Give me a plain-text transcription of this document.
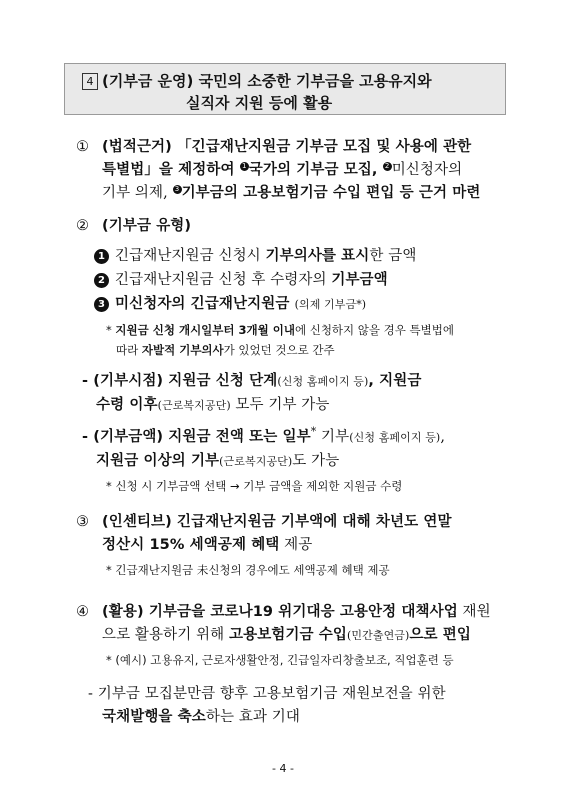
4 (기부금 운영) 국민의 소중한 기부금을 고용유지와
실직자 지원 등에 활용
① (법적근거) 「긴급재난지원금 기부금 모집 및 사용에 관한
특별법」을 제정하여 1 국가의 기부금 모집, 2 미신청자의
기부 의제, 3 기부금의 고용보험기금 수입 편입 등 근거 마련
② (기부금 유형)
1 긴급재난지원금 신청시 기부의사를 표시한 금액
2 긴급재난지원금 신청 후 수령자의 기부금액
3 미신청자의 긴급재난지원금 (의제 기부금*)
* 지원금 신청 개시일부터 3개월 이내에 신청하지 않을 경우 특별법에
따라 자발적 기부의사가 있었던 것으로 간주
- (기부시점) 지원금 신청 단계(신청 홈페이지 등), 지원금
수령 이후(근로복지공단) 모두 기부 가능
- (기부금액) 지원금 전액 또는 일부* 기부(신청 홈페이지 등),
지원금 이상의 기부(근로복지공단)도 가능
* 신청 시 기부금액 선택 → 기부 금액을 제외한 지원금 수령
③ (인센티브) 긴급재난지원금 기부액에 대해 차년도 연말
정산시 15% 세액공제 혜택 제공
* 긴급재난지원금 未신청의 경우에도 세액공제 혜택 제공
④ (활용) 기부금을 코로나19 위기대응 고용안정 대책사업 재원
으로 활용하기 위해 고용보험기금 수입(민간출연금)으로 편입
* (예시) 고용유지, 근로자생활안정, 긴급일자리창출보조, 직업훈련 등
- 기부금 모집분만큼 향후 고용보험기금 재원보전을 위한
국채발행을 축소하는 효과 기대
- 4 -
